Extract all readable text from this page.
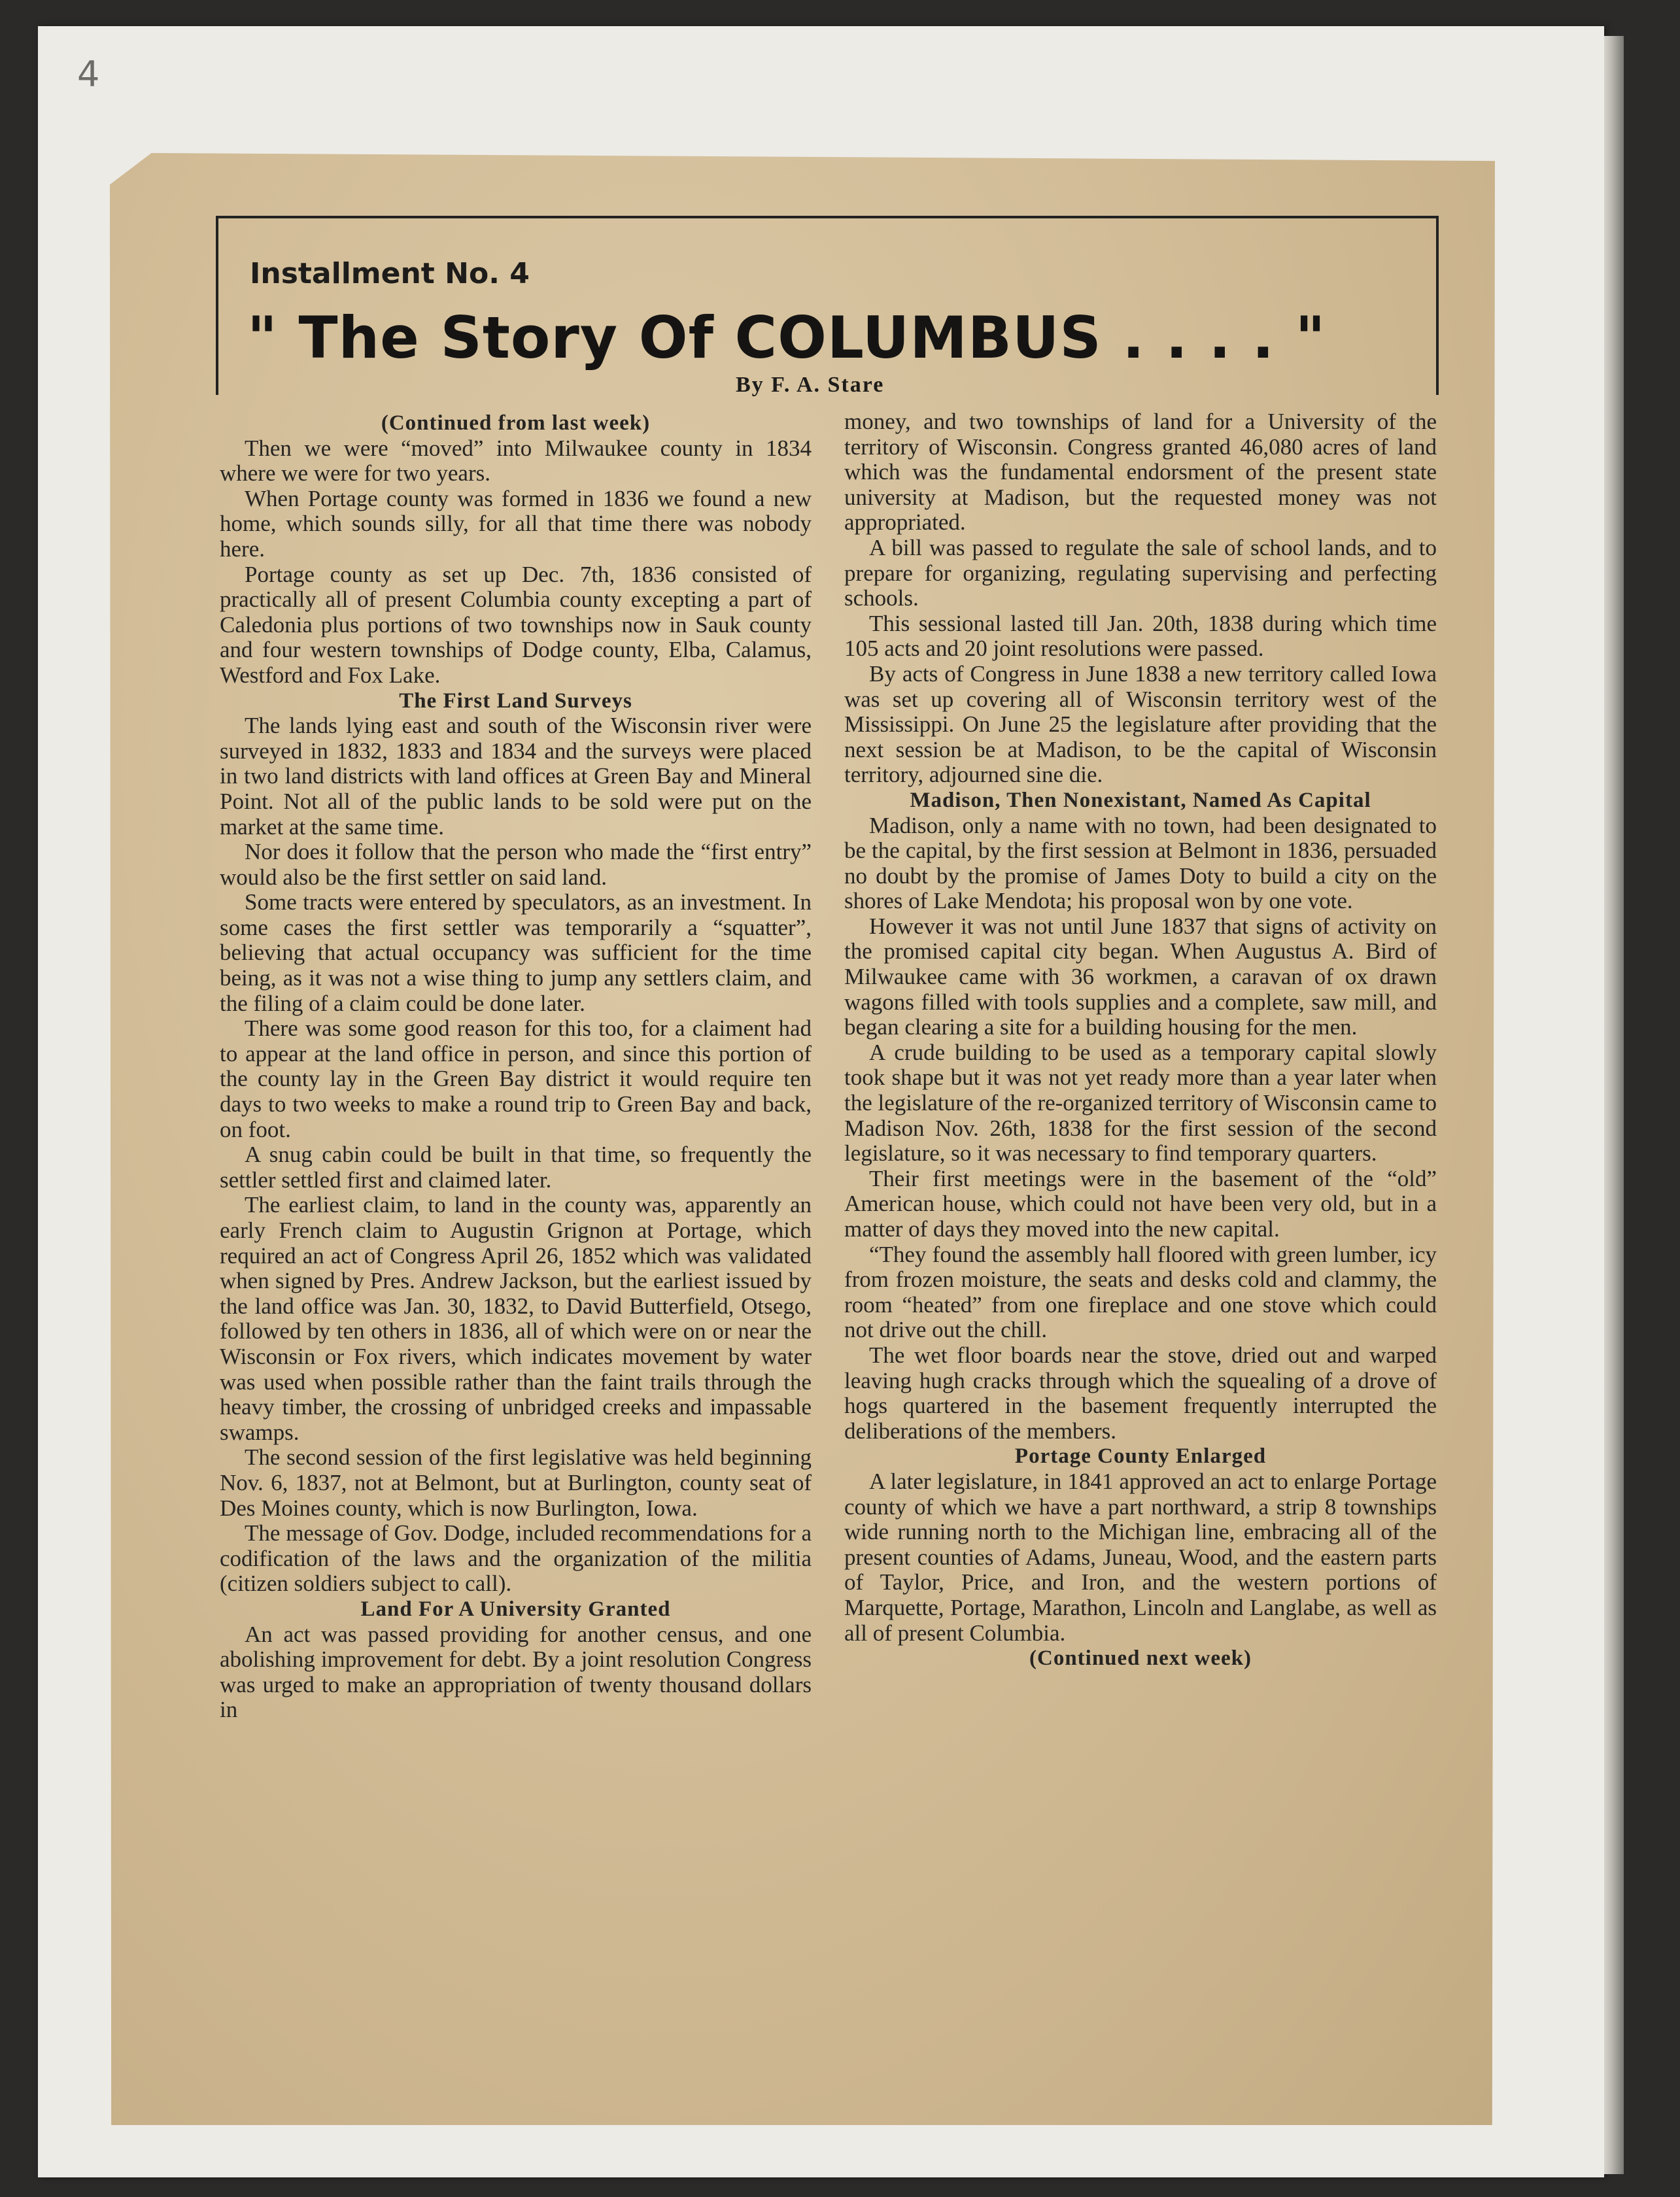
4
Installment No. 4
" The Story Of COLUMBUS . . . . "
By F. A. Stare
(Continued from last week)

Then we were “moved” into Milwaukee county in 1834 where we were for two years.

When Portage county was formed in 1836 we found a new home, which sounds silly, for all that time there was nobody here.

Portage county as set up Dec. 7th, 1836 consisted of practically all of present Columbia county excepting a part of Caledonia plus portions of two townships now in Sauk county and four western townships of Dodge county, Elba, Calamus, Westford and Fox Lake.

The First Land Surveys

The lands lying east and south of the Wisconsin river were surveyed in 1832, 1833 and 1834 and the surveys were placed in two land districts with land offices at Green Bay and Mineral Point. Not all of the public lands to be sold were put on the market at the same time.

Nor does it follow that the person who made the “first entry” would also be the first settler on said land.

Some tracts were entered by speculators, as an investment. In some cases the first settler was temporarily a “squatter”, believing that actual occupancy was sufficient for the time being, as it was not a wise thing to jump any settlers claim, and the filing of a claim could be done later.

There was some good reason for this too, for a claiment had to appear at the land office in person, and since this portion of the county lay in the Green Bay district it would require ten days to two weeks to make a round trip to Green Bay and back, on foot.

A snug cabin could be built in that time, so frequently the settler settled first and claimed later.

The earliest claim, to land in the county was, apparently an early French claim to Augustin Grignon at Portage, which required an act of Congress April 26, 1852 which was validated when signed by Pres. Andrew Jackson, but the earliest issued by the land office was Jan. 30, 1832, to David Butterfield, Otsego, followed by ten others in 1836, all of which were on or near the Wisconsin or Fox rivers, which indicates movement by water was used when possible rather than the faint trails through the heavy timber, the crossing of unbridged creeks and impassable swamps.

The second session of the first legislative was held beginning Nov. 6, 1837, not at Belmont, but at Burlington, county seat of Des Moines county, which is now Burlington, Iowa.

The message of Gov. Dodge, included recommendations for a codification of the laws and the organization of the militia (citizen soldiers subject to call).

Land For A University Granted

An act was passed providing for another census, and one abolishing improvement for debt. By a joint resolution Congress was urged to make an appropriation of twenty thousand dollars in

money, and two townships of land for a University of the territory of Wisconsin. Congress granted 46,080 acres of land which was the fundamental endorsment of the present state university at Madison, but the requested money was not appropriated.

A bill was passed to regulate the sale of school lands, and to prepare for organizing, regulating supervising and perfecting schools.

This sessional lasted till Jan. 20th, 1838 during which time 105 acts and 20 joint resolutions were passed.

By acts of Congress in June 1838 a new territory called Iowa was set up covering all of Wisconsin territory west of the Mississippi. On June 25 the legislature after providing that the next session be at Madison, to be the capital of Wisconsin territory, adjourned sine die.

Madison, Then Nonexistant, Named As Capital

Madison, only a name with no town, had been designated to be the capital, by the first session at Belmont in 1836, persuaded no doubt by the promise of James Doty to build a city on the shores of Lake Mendota; his proposal won by one vote.

However it was not until June 1837 that signs of activity on the promised capital city began. When Augustus A. Bird of Milwaukee came with 36 workmen, a caravan of ox drawn wagons filled with tools supplies and a complete, saw mill, and began clearing a site for a building housing for the men.

A crude building to be used as a temporary capital slowly took shape but it was not yet ready more than a year later when the legislature of the re-organized territory of Wisconsin came to Madison Nov. 26th, 1838 for the first session of the second legislature, so it was necessary to find temporary quarters.

Their first meetings were in the basement of the “old” American house, which could not have been very old, but in a matter of days they moved into the new capital.

“They found the assembly hall floored with green lumber, icy from frozen moisture, the seats and desks cold and clammy, the room “heated” from one fireplace and one stove which could not drive out the chill.

The wet floor boards near the stove, dried out and warped leaving hugh cracks through which the squealing of a drove of hogs quartered in the basement frequently interrupted the deliberations of the members.

Portage County Enlarged

A later legislature, in 1841 approved an act to enlarge Portage county of which we have a part northward, a strip 8 townships wide running north to the Michigan line, embracing all of the present counties of Adams, Juneau, Wood, and the eastern parts of Taylor, Price, and Iron, and the western portions of Marquette, Portage, Marathon, Lincoln and Langlabe, as well as all of present Columbia.

(Continued next week)
